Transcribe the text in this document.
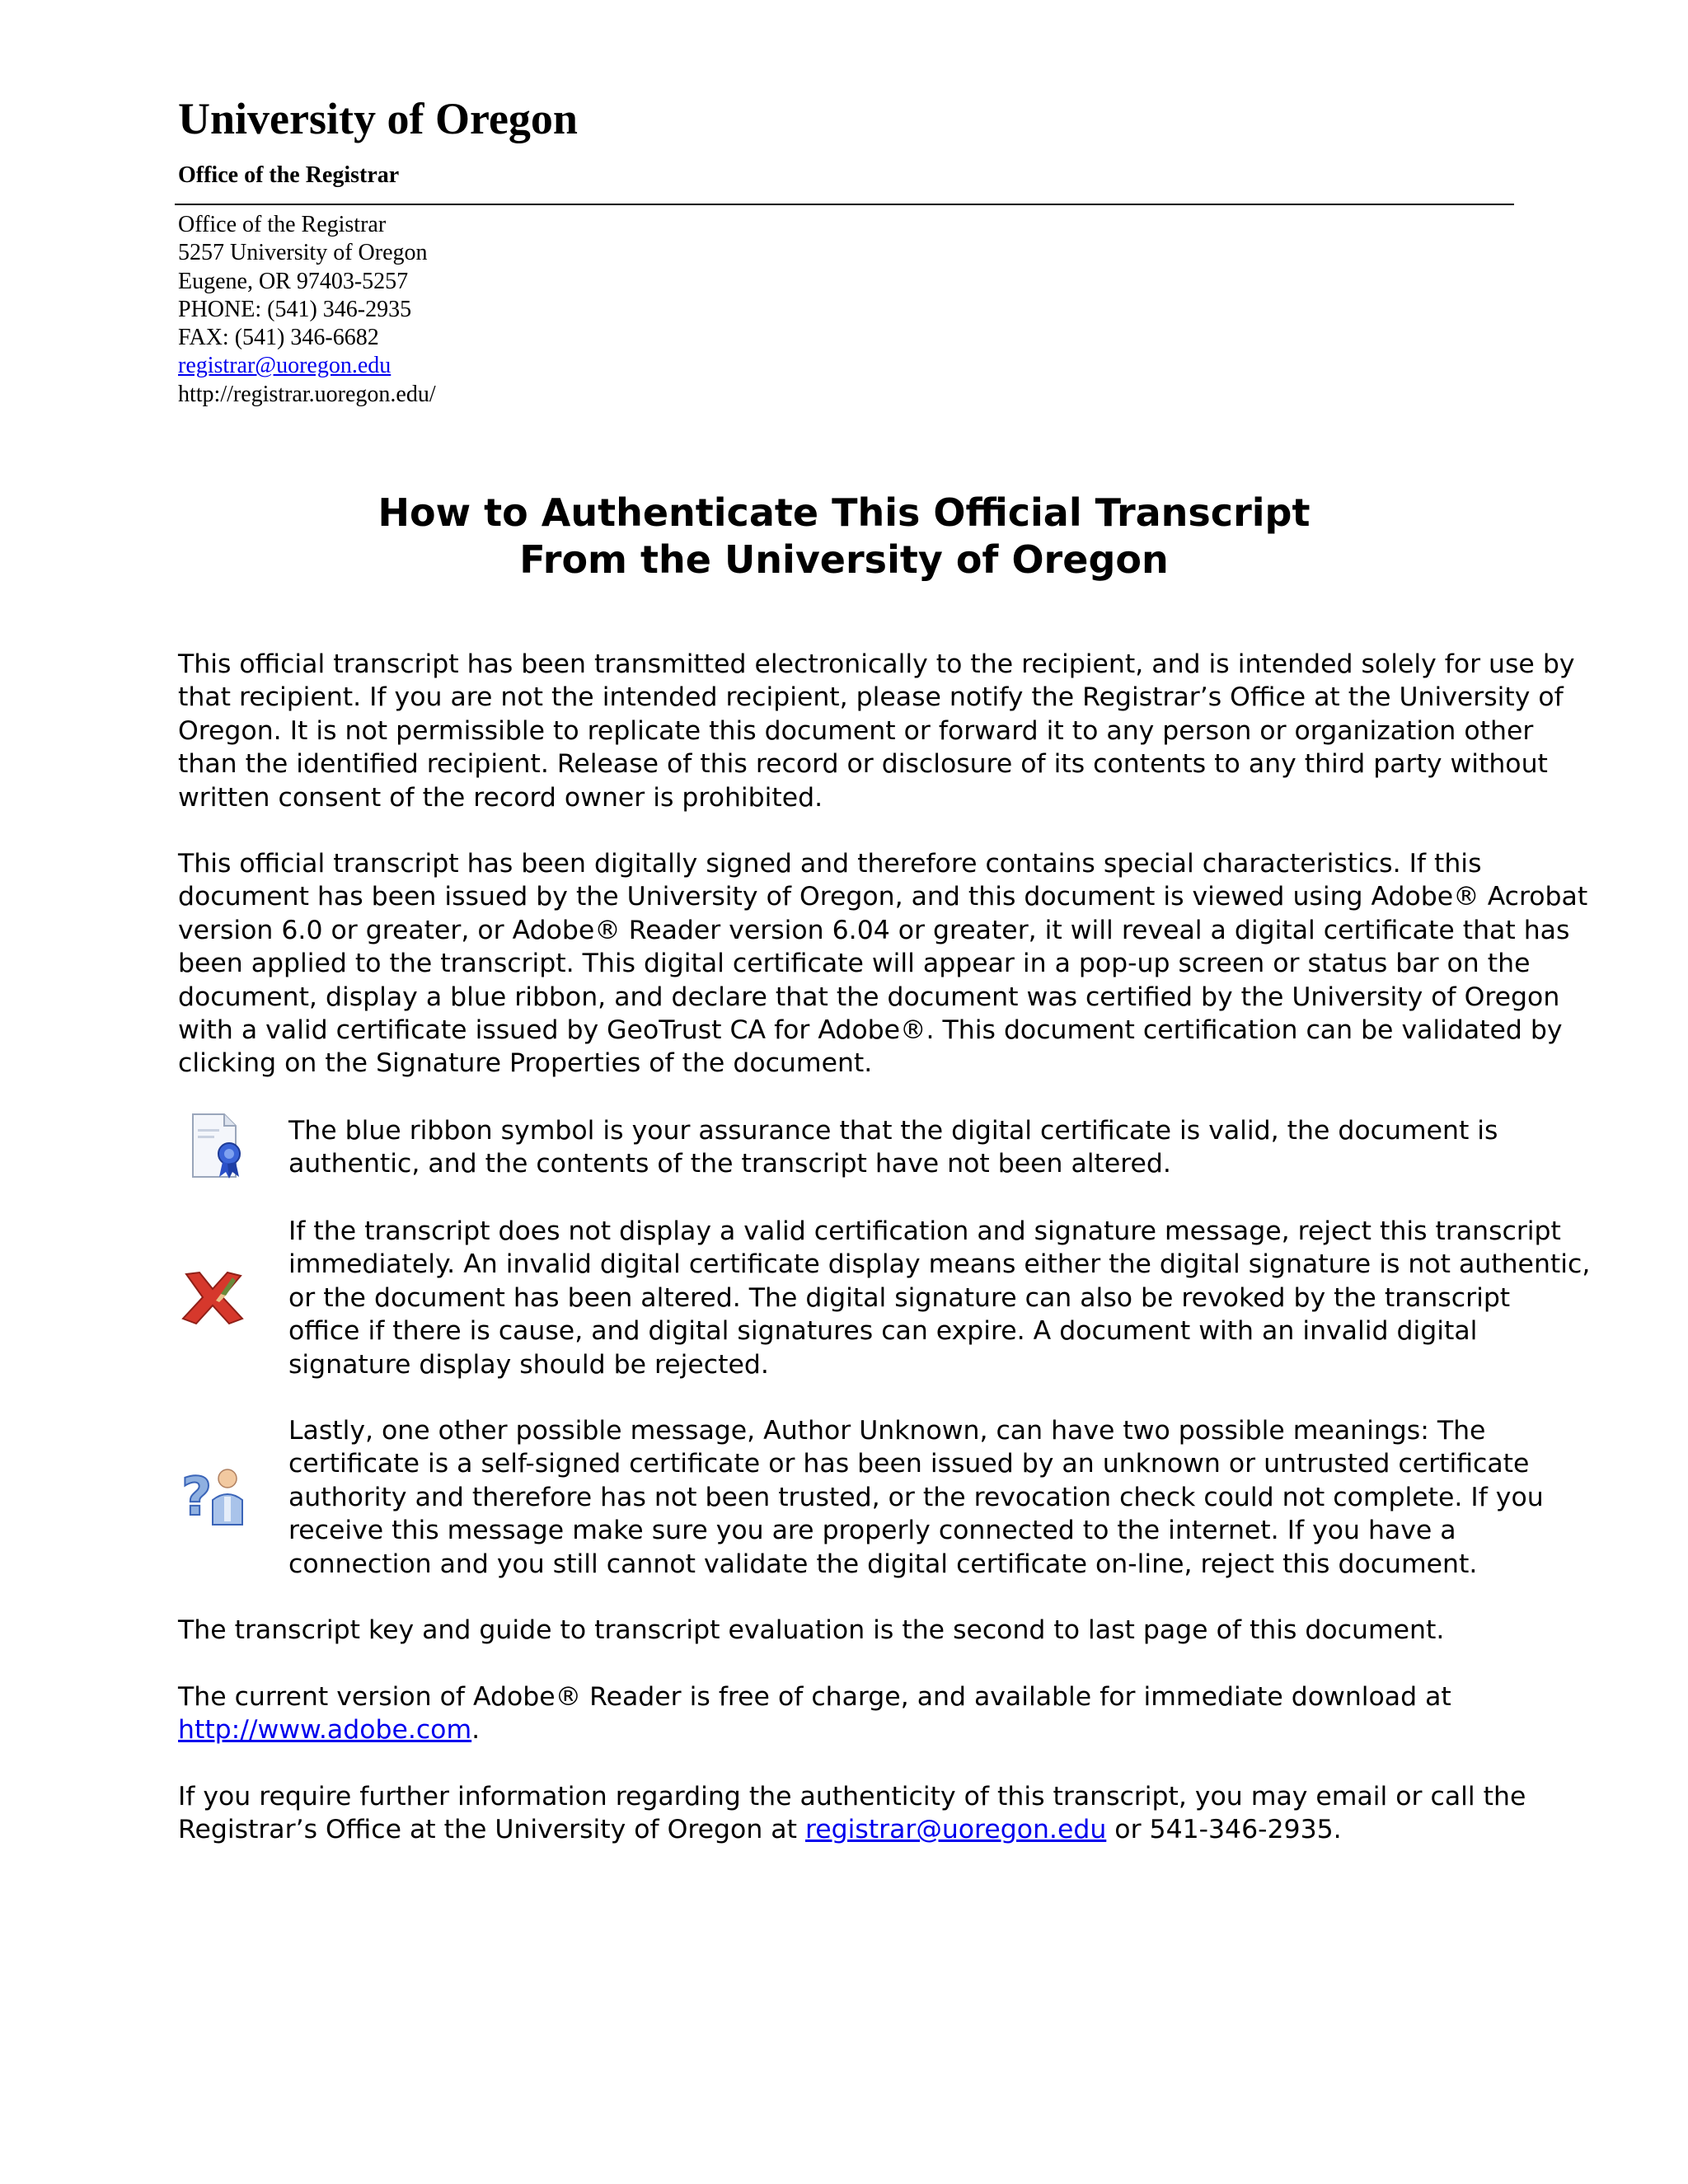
University of Oregon
Office of the Registrar
Office of the Registrar
5257 University of Oregon
Eugene, OR 97403-5257
PHONE: (541) 346-2935
FAX: (541) 346-6682
registrar@uoregon.edu
http://registrar.uoregon.edu/
How to Authenticate This Official Transcript
From the University of Oregon
This official transcript has been transmitted electronically to the recipient, and is intended solely for use by
that recipient. If you are not the intended recipient, please notify the Registrar’s Office at the University of
Oregon. It is not permissible to replicate this document or forward it to any person or organization other
than the identified recipient. Release of this record or disclosure of its contents to any third party without
written consent of the record owner is prohibited.
This official transcript has been digitally signed and therefore contains special characteristics. If this
document has been issued by the University of Oregon, and this document is viewed using Adobe® Acrobat
version 6.0 or greater, or Adobe® Reader version 6.04 or greater, it will reveal a digital certificate that has
been applied to the transcript. This digital certificate will appear in a pop-up screen or status bar on the
document, display a blue ribbon, and declare that the document was certified by the University of Oregon
with a valid certificate issued by GeoTrust CA for Adobe®. This document certification can be validated by
clicking on the Signature Properties of the document.
The blue ribbon symbol is your assurance that the digital certificate is valid, the document is
authentic, and the contents of the transcript have not been altered.
If the transcript does not display a valid certification and signature message, reject this transcript
immediately. An invalid digital certificate display means either the digital signature is not authentic,
or the document has been altered. The digital signature can also be revoked by the transcript
office if there is cause, and digital signatures can expire. A document with an invalid digital
signature display should be rejected.
?
Lastly, one other possible message, Author Unknown, can have two possible meanings: The
certificate is a self-signed certificate or has been issued by an unknown or untrusted certificate
authority and therefore has not been trusted, or the revocation check could not complete. If you
receive this message make sure you are properly connected to the internet. If you have a
connection and you still cannot validate the digital certificate on-line, reject this document.
The transcript key and guide to transcript evaluation is the second to last page of this document.
The current version of Adobe® Reader is free of charge, and available for immediate download at
http://www.adobe.com.
If you require further information regarding the authenticity of this transcript, you may email or call the
Registrar’s Office at the University of Oregon at registrar@uoregon.edu or 541-346-2935.
